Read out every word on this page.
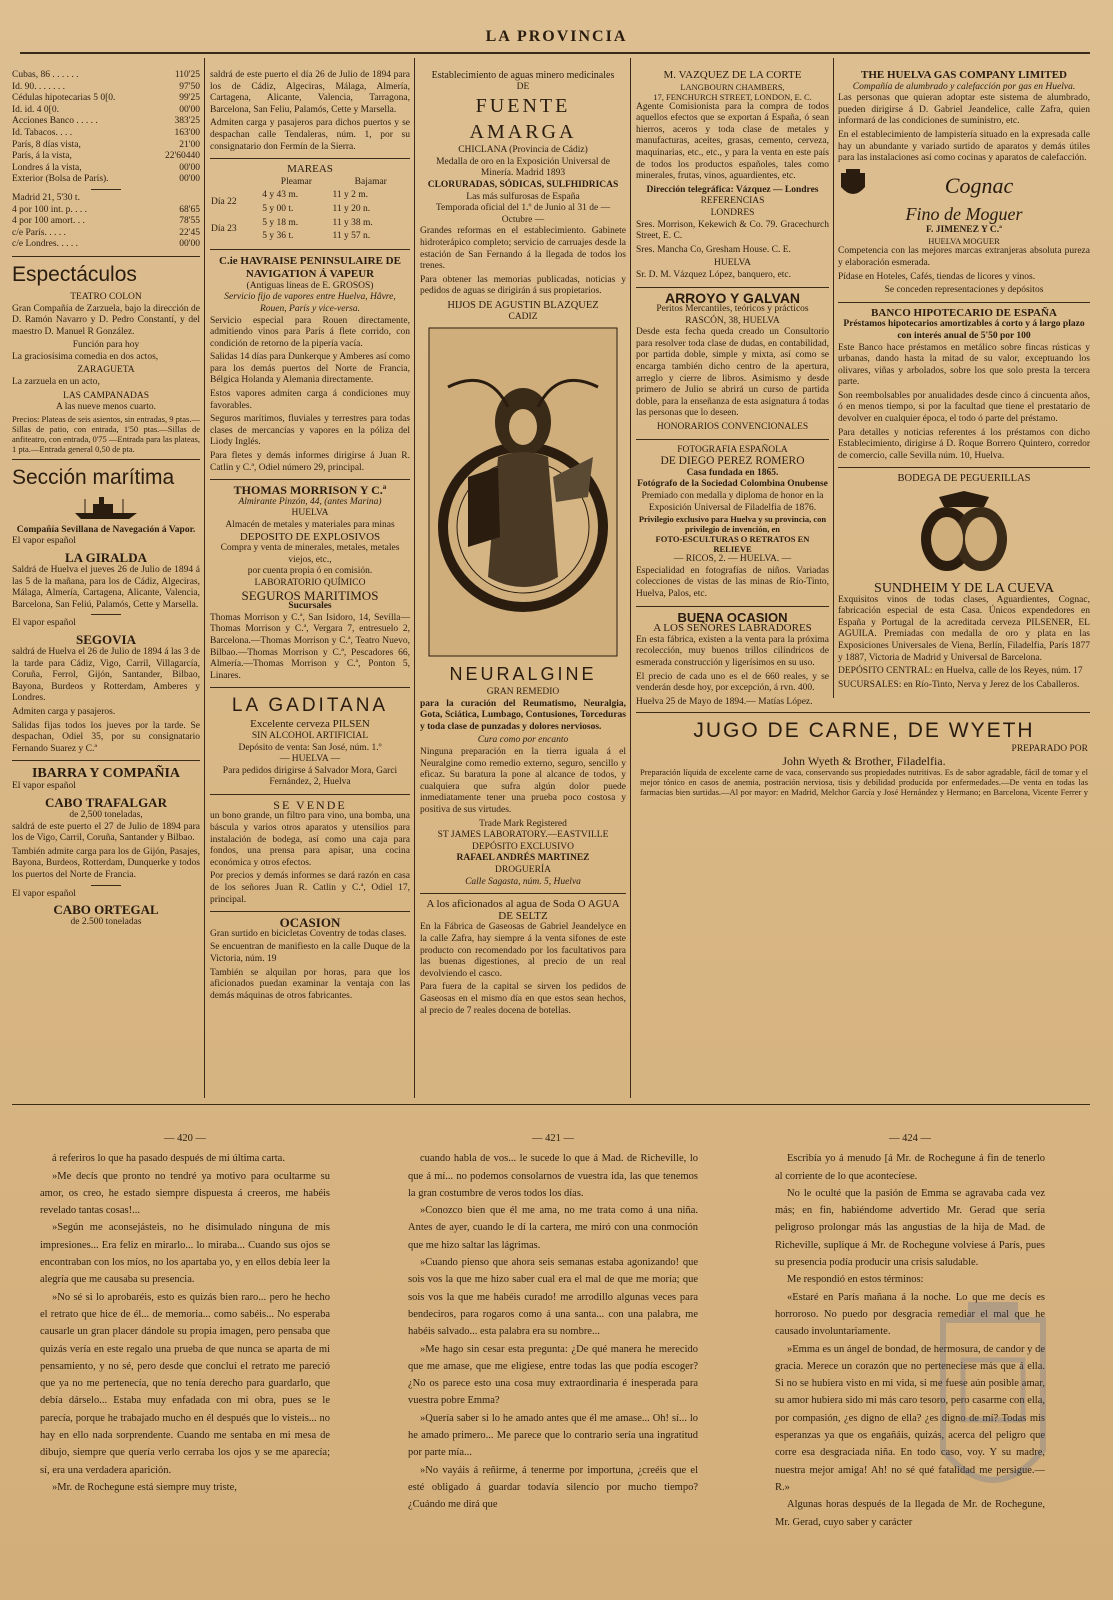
LA PROVINCIA
Cubas, 86 . . . . . .	110'25
Id. 90. . . . . . .	97'50
Cédulas hipotecarias 5 0[0.	99'25
Id. id. 4 0[0.	00'00
Acciones Banco . . . . .	383'25
Id. Tabacos. . . .	163'00
París, 8 días vista,	21'00
París, á la vista,	22'60440
Londres á la vista,	00'00
Exterior (Bolsa de París).	00'00
Madrid 21, 5'30 t.
4 por 100 int. p. . . .	68'65
4 por 100 amort. . .	78'55
c/e París. . . . .	22'45
c/e Londres. . . . .	00'00
Espectáculos
TEATRO COLON

Gran Compañía de Zarzuela, bajo la dirección de D. Ramón Navarro y D. Pedro Constantí, y del maestro D. Manuel R González.

Función para hoy

La graciosísima comedia en dos actos,

ZARAGUETA

La zarzuela en un acto,

LAS CAMPANADAS
A las nueve menos cuarto.

Precios: Plateas de seis asientos, sin entradas, 9 ptas.—Sillas de patio, con entrada, 1'50 ptas.—Sillas de anfiteatro, con entrada, 0'75 —Entrada para las plateas, 1 pta.—Entrada general 0,50 de pta.

Sección marítima
Compañía Sevillana de Navegación á Vapor.

El vapor español

LA GIRALDA

Saldrá de Huelva el jueves 26 de Julio de 1894 á las 5 de la mañana, para los de Cádiz, Algeciras, Málaga, Almería, Cartagena, Alicante, Valencia, Barcelona, San Feliú, Palamós, Cette y Marsella.

El vapor español

SEGOVIA

saldrá de Huelva el 26 de Julio de 1894 á las 3 de la tarde para Cádiz, Vigo, Carril, Villagarcía, Coruña, Ferrol, Gijón, Santander, Bilbao, Bayona, Burdeos y Rotterdam, Amberes y Londres.

Admiten carga y pasajeros.

Salidas fijas todos los jueves por la tarde. Se despachan, Odiel 35, por su consignatario Fernando Suarez y C.ª

IBARRA Y COMPAÑIA

El vapor español

CABO TRAFALGAR
de 2,500 toneladas,

saldrá de este puerto el 27 de Julio de 1894 para los de Vigo, Carril, Coruña, Santander y Bilbao.

También admite carga para los de Gijón, Pasajes, Bayona, Burdeos, Rotterdam, Dunquerke y todos los puertos del Norte de Francia.

El vapor español

CABO ORTEGAL
de 2.500 toneladas

saldrá de este puerto el día 26 de Julio de 1894 para los de Cádiz, Algeciras, Málaga, Almería, Cartagena, Alicante, Valencia, Tarragona, Barcelona, San Feliu, Palamós, Cette y Marsella.

Admiten carga y pasajeros para dichos puertos y se despachan calle Tendaleras, núm. 1, por su consignatario don Fermín de la Sierra.

MAREAS
	Pleamar	Bajamar
Día 22	4 y 43 m.	11 y 2 m.
	5 y 00 t.	11 y 20 n.
Día 23	5 y 18 m.	11 y 38 m.
	5 y 36 t.	11 y 57 n.
C.ie HAVRAISE PENINSULAIRE DE NAVIGATION Á VAPEUR
(Antiguas líneas de E. GROSOS)
Servicio fijo de vapores entre Huelva, Hâvre, Rouen, París y vice-versa.

Servicio especial para Rouen directamente, admitiendo vinos para París á flete corrido, con condición de retorno de la pipería vacía.

Salidas 14 días para Dunkerque y Amberes así como para los demás puertos del Norte de Francia, Bélgica Holanda y Alemania directamente.

Estos vapores admiten carga á condiciones muy favorables.

Seguros marítimos, fluviales y terrestres para todas clases de mercancías y vapores en la póliza del Liody Inglés.

Para fletes y demás informes dirigirse á Juan R. Catlin y C.ª, Odiel número 29, principal.

THOMAS MORRISON Y C.ª
Almirante Pinzón, 44, (antes Marina)
HUELVA
Almacén de metales y materiales para minas
DEPOSITO DE EXPLOSIVOS
Compra y venta de minerales, metales, metales viejos, etc.,
por cuenta propia ó en comisión.
LABORATORIO QUÍMICO
SEGUROS MARITIMOS
Sucursales

Thomas Morrison y C.ª, San Isidoro, 14, Sevilla—Thomas Morrison y C.ª, Vergara 7, entresuelo 2, Barcelona.—Thomas Morrison y C.ª, Teatro Nuevo, Bilbao.—Thomas Morrison y C.ª, Pescadores 66, Almería.—Thomas Morrison y C.ª, Ponton 5, Linares.

LA GADITANA
Excelente cerveza PILSEN
SIN ALCOHOL ARTIFICIAL
Depósito de venta: San José, núm. 1.º
— HUELVA —
Para pedidos dirigirse á Salvador Mora, Garci Fernández, 2, Huelva
SE VENDE

un bono grande, un filtro para vino, una bomba, una báscula y varios otros aparatos y utensilios para instalación de bodega, así como una caja para fondos, una prensa para apisar, una cocina económica y otros efectos.

Por precios y demás informes se dará razón en casa de los señores Juan R. Catlin y C.ª, Odiel 17, principal.

OCASION

Gran surtido en bicicletas Coventry de todas clases.

Se encuentran de manifiesto en la calle Duque de la Victoria, núm. 19

También se alquilan por horas, para que los aficionados puedan examinar la ventaja con las demás máquinas de otros fabricantes.

Establecimiento de aguas minero medicinales
DE
FUENTE AMARGA
CHICLANA (Provincia de Cádiz)
Medalla de oro en la Exposición Universal de Minería. Madrid 1893
CLORURADAS, SÓDICAS, SULFHIDRICAS
Las más sulfurosas de España
Temporada oficial del 1.º de Junio al 31 de — Octubre —

Grandes reformas en el establecimiento. Gabinete hidroterápico completo; servicio de carruajes desde la estación de San Fernando á la llegada de todos los trenes.

Para obtener las memorias publicadas, noticias y pedidos de aguas se dirigirán á sus propietarios.

HIJOS DE AGUSTIN BLAZQUEZ
CADIZ
NEURALGINE
GRAN REMEDIO

para la curación del Reumatismo, Neuralgia, Gota, Sciática, Lumbago, Contusiones, Torceduras y toda clase de punzadas y dolores nerviosos.

Cura como por encanto

Ninguna preparación en la tierra iguala á el Neuralgine como remedio externo, seguro, sencillo y eficaz. Su baratura la pone al alcance de todos, y cualquiera que sufra algún dolor puede inmediatamente tener una prueba poco costosa y positiva de sus virtudes.

Trade Mark Registered
ST JAMES LABORATORY.—EASTVILLE
DEPÓSITO EXCLUSIVO
RAFAEL ANDRÉS MARTINEZ
DROGUERÍA
Calle Sagasta, núm. 5, Huelva
A los aficionados al agua de Soda O AGUA DE SELTZ

En la Fábrica de Gaseosas de Gabriel Jeandelyce en la calle Zafra, hay siempre á la venta sifones de este producto con recomendado por los facultativos para las buenas digestiones, al precio de un real devolviendo el casco.

Para fuera de la capital se sirven los pedidos de Gaseosas en el mismo día en que estos sean hechos, al precio de 7 reales docena de botellas.

M. VAZQUEZ DE LA CORTE
LANGBOURN CHAMBERS,
17, FENCHURCH STREET, LONDON, E. C.

Agente Comisionista para la compra de todos aquellos efectos que se exportan á España, ó sean hierros, aceros y toda clase de metales y manufacturas, aceites, grasas, cemento, cerveza, maquinarias, etc., etc., y para la venta en este país de todos los productos españoles, tales como minerales, frutas, vinos, aguardientes, etc.

Dirección telegráfica: Vázquez — Londres
REFERENCIAS
LONDRES

Sres. Morrison, Kekewich & Co. 79. Gracechurch Street, E. C.

Sres. Mancha Co, Gresham House. C. E.

HUELVA

Sr. D. M. Vázquez López, banquero, etc.

ARROYO Y GALVAN
Peritos Mercantiles, teóricos y prácticos
RASCÓN, 38, HUELVA

Desde esta fecha queda creado un Consultorio para resolver toda clase de dudas, en contabilidad, por partida doble, simple y mixta, así como se encarga también dicho centro de la apertura, arreglo y cierre de libros. Asimismo y desde primero de Julio se abrirá un curso de partida doble, para la enseñanza de esta asignatura á todas las personas que lo deseen.

HONORARIOS CONVENCIONALES
FOTOGRAFIA ESPAÑOLA
DE DIEGO PEREZ ROMERO
Casa fundada en 1865.
Fotógrafo de la Sociedad Colombina Onubense
Premiado con medalla y diploma de honor en la Exposición Universal de Filadelfia de 1876.
Privilegio exclusivo para Huelva y su provincia, con privilegio de invención, en
FOTO-ESCULTURAS O RETRATOS EN RELIEVE
— RICOS, 2. — HUELVA. —

Especialidad en fotografías de niños. Variadas colecciones de vistas de las minas de Río-Tinto, Huelva, Palos, etc.

BUENA OCASION
A LOS SEÑORES LABRADORES

En esta fábrica, existen a la venta para la próxima recolección, muy buenos trillos cilíndricos de esmerada construcción y ligerísimos en su uso.

El precio de cada uno es el de 660 reales, y se venderán desde hoy, por excepción, á rvn. 400.

Huelva 25 de Mayo de 1894.— Matías López.

THE HUELVA GAS COMPANY LIMITED
Compañía de alumbrado y calefacción por gas en Huelva.

Las personas que quieran adoptar este sistema de alumbrado, pueden dirigirse á D. Gabriel Jeandelice, calle Zafra, quien informará de las condiciones de suministro, etc.

En el establecimiento de lampistería situado en la expresada calle hay un abundante y variado surtido de aparatos y demás útiles para las instalaciones así como cocinas y aparatos de calefacción.

Cognac
Fino de Moguer
F. JIMENEZ Y C.ª
HUELVA MOGUER

Competencia con las mejores marcas extranjeras absoluta pureza y elaboración esmerada.

Pídase en Hoteles, Cafés, tiendas de licores y vinos.

Se conceden representaciones y depósitos
BANCO HIPOTECARIO DE ESPAÑA
Préstamos hipotecarios amortizables á corto y á largo plazo con interés anual de 5'50 por 100

Este Banco hace préstamos en metálico sobre fincas rústicas y urbanas, dando hasta la mitad de su valor, exceptuando los olivares, viñas y arbolados, sobre los que solo presta la tercera parte.

Son reembolsables por anualidades desde cinco á cincuenta años, ó en menos tiempo, si por la facultad que tiene el prestatario de devolver en cualquier época, el todo ó parte del préstamo.

Para detalles y noticias referentes á los préstamos con dicho Establecimiento, dirigirse á D. Roque Borrero Quintero, corredor de comercio, calle Sevilla núm. 10, Huelva.

BODEGA DE PEGUERILLAS
SUNDHEIM Y DE LA CUEVA

Exquisitos vinos de todas clases, Aguardientes, Cognac, fabricación especial de esta Casa. Únicos expendedores en España y Portugal de la acreditada cerveza PILSENER, EL AGUILA. Premiadas con medalla de oro y plata en las Exposiciones Universales de Viena, Berlín, Filadelfia, París 1877 y 1887, Victoria de Madrid y Universal de Barcelona.

DEPÓSITO CENTRAL: en Huelva, calle de los Reyes, núm. 17

SUCURSALES: en Río-Tinto, Nerva y Jerez de los Caballeros.

JUGO DE CARNE, DE WYETH
PREPARADO POR
John Wyeth & Brother, Filadelfia.

Preparación líquida de excelente carne de vaca, conservando sus propiedades nutritivas. Es de sabor agradable, fácil de tomar y el mejor tónico en casos de anemia, postración nerviosa, tisis y debilidad producida por enfermedades.—De venta en todas las farmacias bien surtidas.—Al por mayor: en Madrid, Melchor García y José Hernández y Hermano; en Barcelona, Vicente Ferrer y

— 420 —

á referiros lo que ha pasado después de mi última carta.

»Me decís que pronto no tendré ya motivo para ocultarme su amor, os creo, he estado siempre dispuesta á creeros, me habéis revelado tantas cosas!...

»Según me aconsejásteis, no he disimulado ninguna de mis impresiones... Era feliz en mirarlo... lo miraba... Cuando sus ojos se encontraban con los míos, no los apartaba yo, y en ellos debía leer la alegría que me causaba su presencia.

»No sé si lo aprobaréis, esto es quizás bien raro... pero he hecho el retrato que hice de él... de memoria... como sabéis... No esperaba causarle un gran placer dándole su propia imagen, pero pensaba que quizás vería en este regalo una prueba de que nunca se aparta de mi pensamiento, y no sé, pero desde que concluí el retrato me pareció que ya no me pertenecía, que no tenía derecho para guardarlo, que debía dárselo... Estaba muy enfadada con mi obra, pues se le parecía, porque he trabajado mucho en él después que lo visteis... no hay en ello nada sorprendente. Cuando me sentaba en mi mesa de dibujo, siempre que quería verlo cerraba los ojos y se me aparecía; sí, era una verdadera aparición.

»Mr. de Rochegune está siempre muy triste,

— 421 —

cuando habla de vos... le sucede lo que á Mad. de Richeville, lo que á mí... no podemos consolarnos de vuestra ida, las que tenemos la gran costumbre de veros todos los días.

»Conozco bien que él me ama, no me trata como á una niña. Antes de ayer, cuando le dí la cartera, me miró con una conmoción que me hizo saltar las lágrimas.

»Cuando pienso que ahora seis semanas estaba agonizando! que sois vos la que me hizo saber cual era el mal de que me moría; que sois vos la que me habéis curado! me arrodillo algunas veces para bendeciros, para rogaros como á una santa... con una palabra, me habéis salvado... esta palabra era su nombre...

»Me hago sin cesar esta pregunta: ¿De qué manera he merecido que me amase, que me eligiese, entre todas las que podía escoger? ¿No os parece esto una cosa muy extraordinaria é inesperada para vuestra pobre Emma?

»Quería saber si lo he amado antes que él me amase... Oh! sí... lo he amado primero... Me parece que lo contrario sería una ingratitud por parte mía...

»No vayáis á reñirme, á tenerme por importuna, ¿creéis que el esté obligado á guardar todavía silencio por mucho tiempo? ¿Cuándo me dirá que

— 424 —

Escribía yo á menudo [á Mr. de Rochegune á fin de tenerlo al corriente de lo que acontecíese.

No le oculté que la pasión de Emma se agravaba cada vez más; en fin, habiéndome advertido Mr. Gerad que sería peligroso prolongar más las angustias de la hija de Mad. de Richeville, suplique á Mr. de Rochegune volviese á París, pues su presencia podía producir una crisis saludable.

Me respondió en estos términos:

«Estaré en París mañana á la noche. Lo que me decís es horroroso. No puedo por desgracia remediar el mal que he causado involuntariamente.

»Emma es un ángel de bondad, de hermosura, de candor y de gracia. Merece un corazón que no perteneciese más que á ella. Si no se hubiera visto en mi vida, si me fuese aún posible amar, su amor hubiera sido mi más caro tesoro, pero casarme con ella, por compasión, ¿es digno de ella? ¿es digno de mí? Todas mis esperanzas ya que os engañáis, quizás, acerca del peligro que corre esa desgraciada niña. En todo caso, voy. Y su madre, nuestra mejor amiga! Ah! no sé qué fatalidad me persigue.—R.»

Algunas horas después de la llegada de Mr. de Rochegune, Mr. Gerad, cuyo saber y carácter
